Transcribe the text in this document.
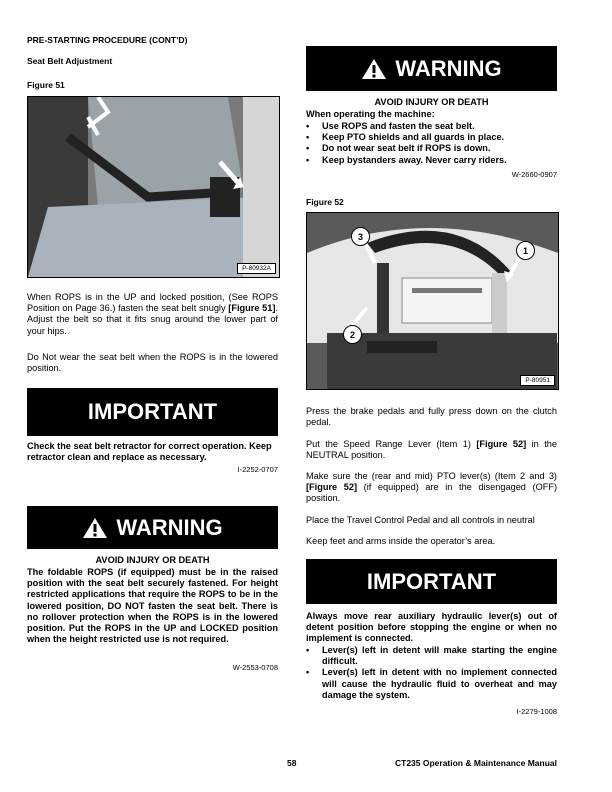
PRE-STARTING PROCEDURE (CONT’D)
Seat Belt Adjustment
Figure 51
P-80932A
When ROPS is in the UP and locked position, (See ROPS Position on Page 36.) fasten the seat belt snugly [Figure 51]. Adjust the belt so that it fits snug around the lower part of your hips.
Do Not wear the seat belt when the ROPS is in the lowered position.
IMPORTANT
Check the seat belt retractor for correct operation. Keep retractor clean and replace as necessary.
I-2252-0707
WARNING
AVOID INJURY OR DEATH
The foldable ROPS (if equipped) must be in the raised position with the seat belt securely fastened. For height restricted applications that require the ROPS to be in the lowered position, DO NOT fasten the seat belt. There is no rollover protection when the ROPS is in the lowered position. Put the ROPS in the UP and LOCKED position when the height restricted use is not required.
W-2553-0708
WARNING
AVOID INJURY OR DEATH
When operating the machine:
• Use ROPS and fasten the seat belt.
• Keep PTO shields and all guards in place.
• Do not wear seat belt if ROPS is down.
• Keep bystanders away. Never carry riders.
W-2660-0907
Figure 52
3
1
2
P-80951
Press the brake pedals and fully press down on the clutch pedal.
Put the Speed Range Lever (Item 1) [Figure 52] in the NEUTRAL position.
Make sure the (rear and mid) PTO lever(s) (Item 2 and 3) [Figure 52] (if equipped) are in the disengaged (OFF) position.
Place the Travel Control Pedal and all controls in neutral
Keep feet and arms inside the operator’s area.
IMPORTANT
Always move rear auxiliary hydraulic lever(s) out of detent position before stopping the engine or when no implement is connected.
• Lever(s) left in detent will make starting the engine difficult.
• Lever(s) left in detent with no implement connected will cause the hydraulic fluid to overheat and may damage the system.
I-2279-1008
58	CT235 Operation & Maintenance Manual
